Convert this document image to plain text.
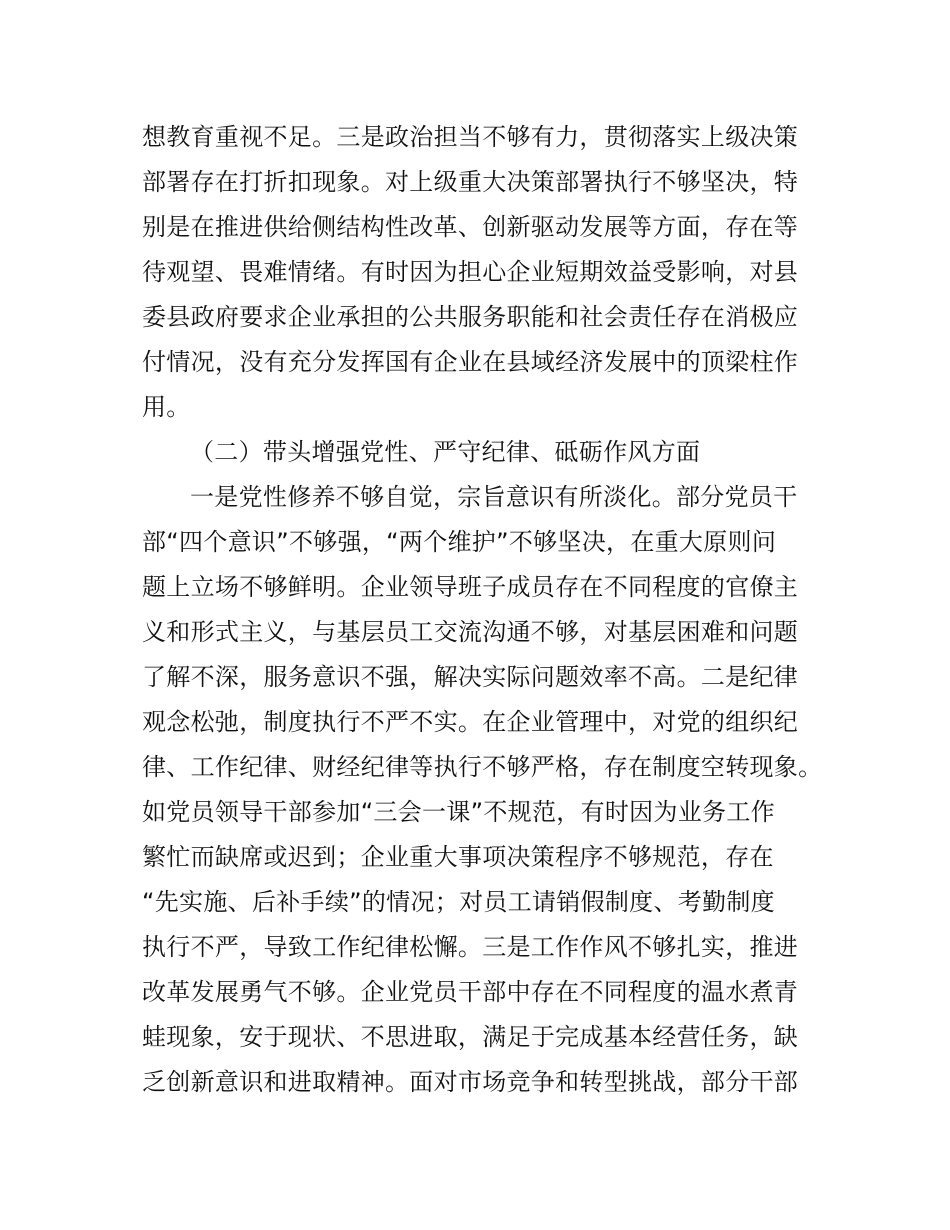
想教育重视不足。三是政治担当不够有力，贯彻落实上级决策
部署存在打折扣现象。对上级重大决策部署执行不够坚决，特
别是在推进供给侧结构性改革、创新驱动发展等方面，存在等
待观望、畏难情绪。有时因为担心企业短期效益受影响，对县
委县政府要求企业承担的公共服务职能和社会责任存在消极应
付情况，没有充分发挥国有企业在县域经济发展中的顶梁柱作
用。
（二）带头增强党性、严守纪律、砥砺作风方面
一是党性修养不够自觉，宗旨意识有所淡化。部分党员干
部“四个意识”不够强，“两个维护”不够坚决，在重大原则问
题上立场不够鲜明。企业领导班子成员存在不同程度的官僚主
义和形式主义，与基层员工交流沟通不够，对基层困难和问题
了解不深，服务意识不强，解决实际问题效率不高。二是纪律
观念松弛，制度执行不严不实。在企业管理中，对党的组织纪
律、工作纪律、财经纪律等执行不够严格，存在制度空转现象。
如党员领导干部参加“三会一课”不规范，有时因为业务工作
繁忙而缺席或迟到；企业重大事项决策程序不够规范，存在
“先实施、后补手续”的情况；对员工请销假制度、考勤制度
执行不严，导致工作纪律松懈。三是工作作风不够扎实，推进
改革发展勇气不够。企业党员干部中存在不同程度的温水煮青
蛙现象，安于现状、不思进取，满足于完成基本经营任务，缺
乏创新意识和进取精神。面对市场竞争和转型挑战，部分干部
